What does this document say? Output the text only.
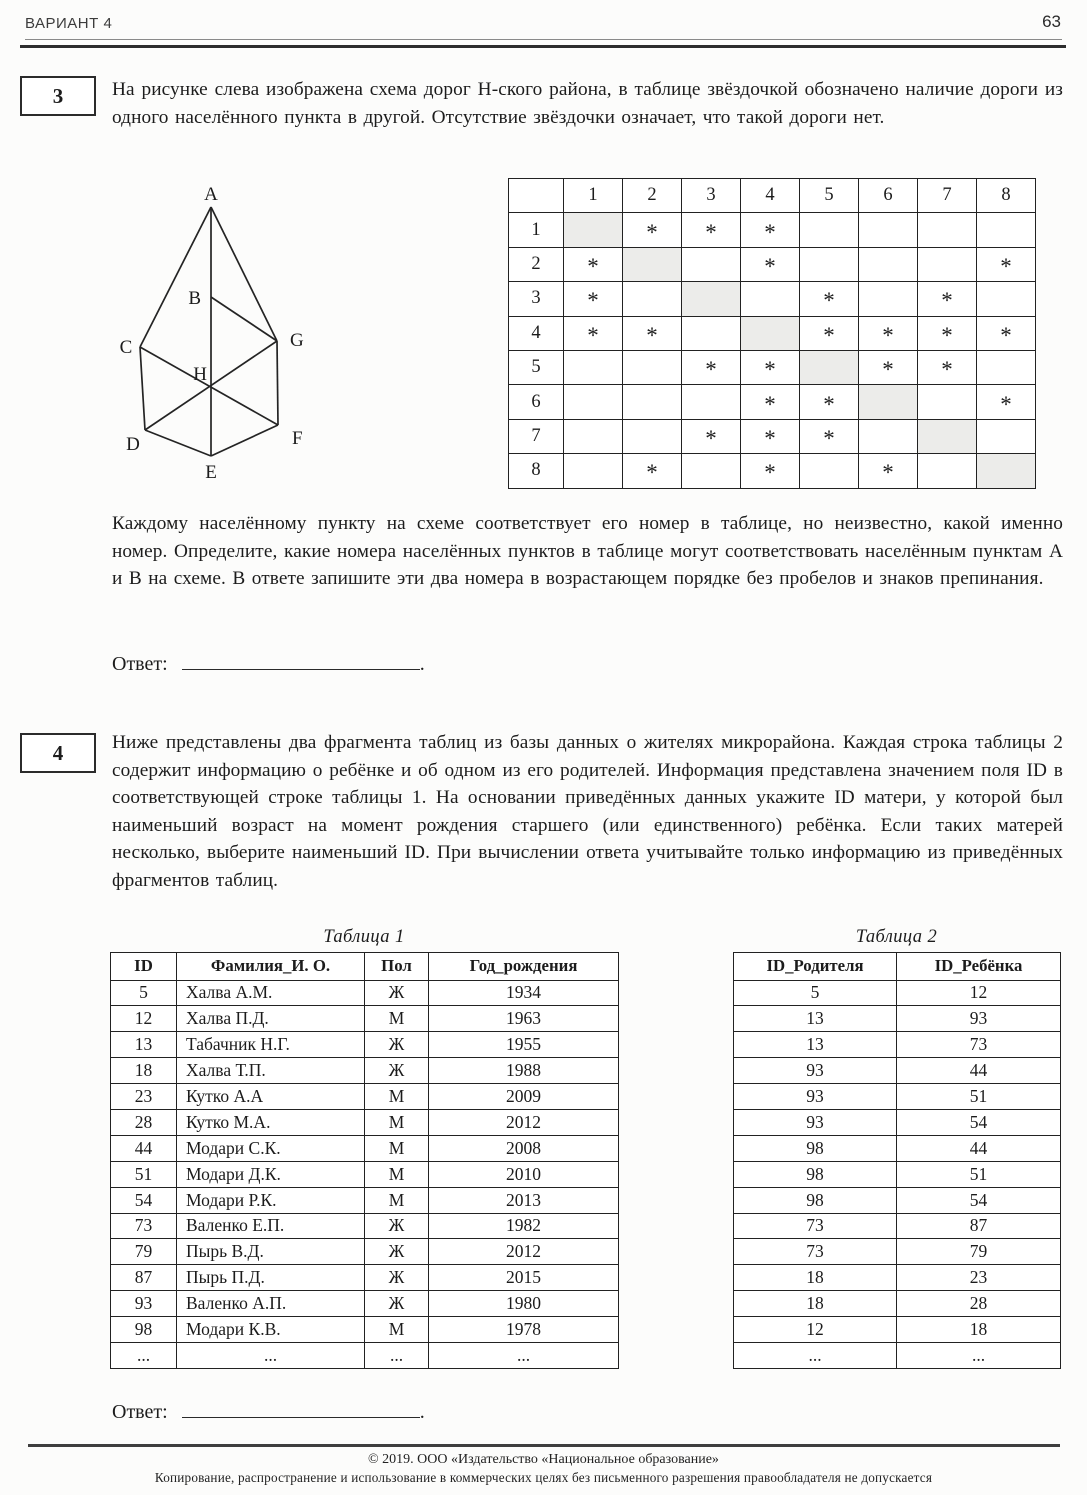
ВАРИАНТ 4	63
3	На рисунке слева изображена схема дорог Н-ского района, в таблице звёздочкой обозначено наличие дороги из одного населённого пункта в другой. Отсутствие звёздочки означает, что такой дороги нет.
A
B
C
D
E
F
G
H
	1	2	3	4	5	6	7	8
1		*	*	*				
2	*			*				*
3	*				*		*	
4	*	*			*	*	*	*
5			*	*		*	*	
6				*	*			*
7			*	*	*			
8		*		*		*		
Каждому населённому пункту на схеме соответствует его номер в таблице, но неизвестно, какой именно номер. Определите, какие номера населённых пунктов в таблице могут соответствовать населённым пунктам A и B на схеме. В ответе запишите эти два номера в возрастающем порядке без пробелов и знаков препинания.
Ответ:	.
4	Ниже представлены два фрагмента таблиц из базы данных о жителях микрорайона. Каждая строка таблицы 2 содержит информацию о ребёнке и об одном из его родителей. Информация представлена значением поля ID в соответствующей строке таблицы 1. На основании приведённых данных укажите ID матери, у которой был наименьший возраст на момент рождения старшего (или единственного) ребёнка. Если таких матерей несколько, выберите наименьший ID. При вычислении ответа учитывайте только информацию из приведённых фрагментов таблиц.
Таблица 1
ID	Фамилия_И. О.	Пол	Год_рождения
5	Халва А.М.	Ж	1934
12	Халва П.Д.	М	1963
13	Табачник Н.Г.	Ж	1955
18	Халва Т.П.	Ж	1988
23	Кутко А.А	М	2009
28	Кутко М.А.	М	2012
44	Модари С.К.	М	2008
51	Модари Д.К.	М	2010
54	Модари Р.К.	М	2013
73	Валенко Е.П.	Ж	1982
79	Пырь В.Д.	Ж	2012
87	Пырь П.Д.	Ж	2015
93	Валенко А.П.	Ж	1980
98	Модари К.В.	М	1978
...	...	...	...
Таблица 2
ID_Родителя	ID_Ребёнка
5	12
13	93
13	73
93	44
93	51
93	54
98	44
98	51
98	54
73	87
73	79
18	23
18	28
12	18
...	...
Ответ:	.
© 2019. ООО «Издательство «Национальное образование»
Копирование, распространение и использование в коммерческих целях без письменного разрешения правообладателя не допускается
